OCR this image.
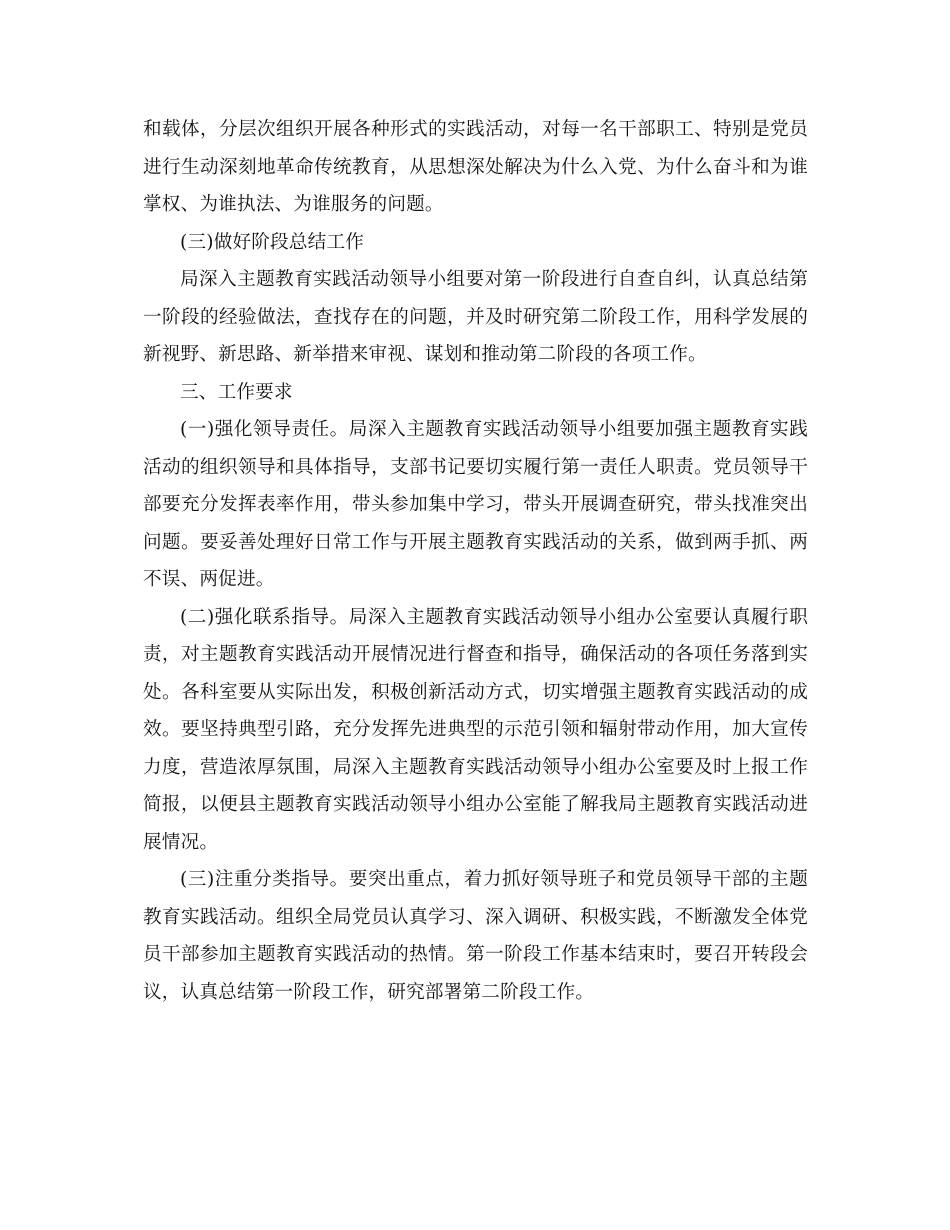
和载体，分层次组织开展各种形式的实践活动，对每一名干部职工、特别是党员
进行生动深刻地革命传统教育，从思想深处解决为什么入党、为什么奋斗和为谁
掌权、为谁执法、为谁服务的问题。
(三)做好阶段总结工作
局深入主题教育实践活动领导小组要对第一阶段进行自查自纠，认真总结第
一阶段的经验做法，查找存在的问题，并及时研究第二阶段工作，用科学发展的
新视野、新思路、新举措来审视、谋划和推动第二阶段的各项工作。
三、工作要求
(一)强化领导责任。局深入主题教育实践活动领导小组要加强主题教育实践
活动的组织领导和具体指导，支部书记要切实履行第一责任人职责。党员领导干
部要充分发挥表率作用，带头参加集中学习，带头开展调查研究，带头找准突出
问题。要妥善处理好日常工作与开展主题教育实践活动的关系，做到两手抓、两
不误、两促进。
(二)强化联系指导。局深入主题教育实践活动领导小组办公室要认真履行职
责，对主题教育实践活动开展情况进行督查和指导，确保活动的各项任务落到实
处。各科室要从实际出发，积极创新活动方式，切实增强主题教育实践活动的成
效。要坚持典型引路，充分发挥先进典型的示范引领和辐射带动作用，加大宣传
力度，营造浓厚氛围，局深入主题教育实践活动领导小组办公室要及时上报工作
简报，以便县主题教育实践活动领导小组办公室能了解我局主题教育实践活动进
展情况。
(三)注重分类指导。要突出重点，着力抓好领导班子和党员领导干部的主题
教育实践活动。组织全局党员认真学习、深入调研、积极实践，不断激发全体党
员干部参加主题教育实践活动的热情。第一阶段工作基本结束时，要召开转段会
议，认真总结第一阶段工作，研究部署第二阶段工作。
